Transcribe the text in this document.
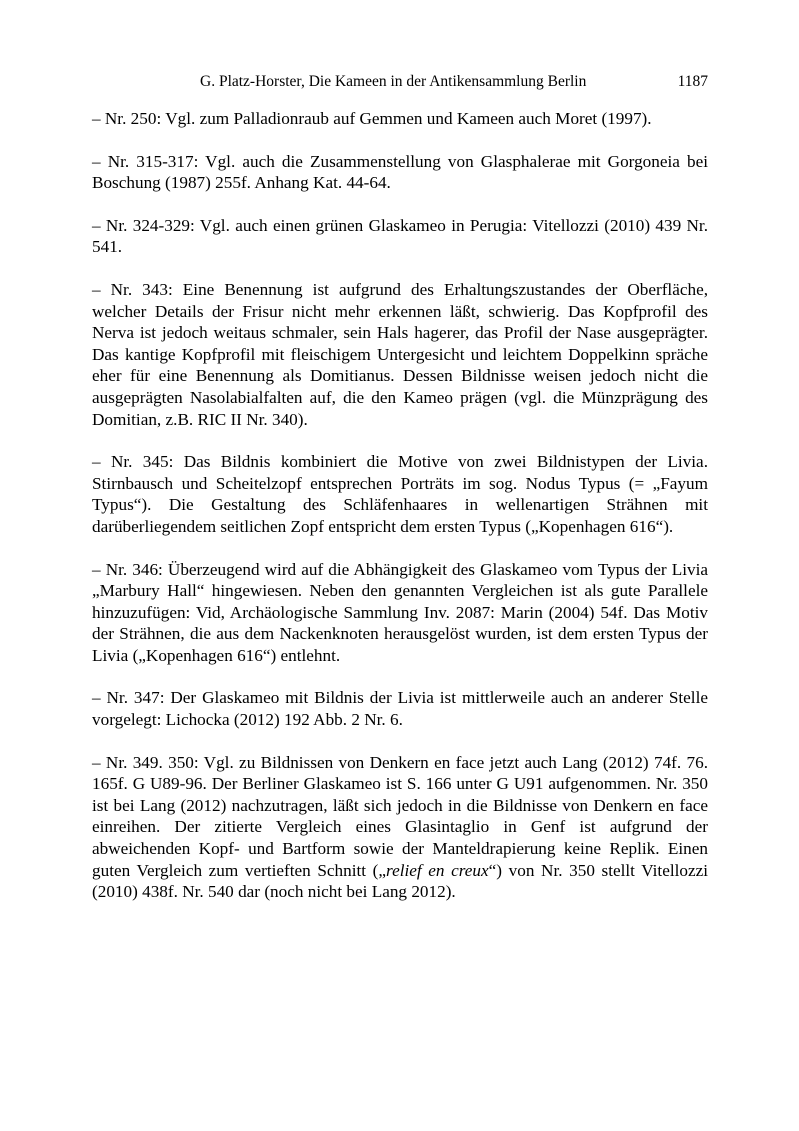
G. Platz-Horster, Die Kameen in der Antikensammlung Berlin	1187

– Nr. 250: Vgl. zum Palladionraub auf Gemmen und Kameen auch Moret (1997).

– Nr. 315-317: Vgl. auch die Zusammenstellung von Glasphalerae mit Gorgoneia bei Boschung (1987) 255f. Anhang Kat. 44-64.

– Nr. 324-329: Vgl. auch einen grünen Glaskameo in Perugia: Vitellozzi (2010) 439 Nr. 541.

– Nr. 343: Eine Benennung ist aufgrund des Erhaltungszustandes der Oberfläche, welcher Details der Frisur nicht mehr erkennen läßt, schwierig. Das Kopfprofil des Nerva ist jedoch weitaus schmaler, sein Hals hagerer, das Profil der Nase ausgeprägter. Das kantige Kopfprofil mit fleischigem Untergesicht und leichtem Doppelkinn spräche eher für eine Benennung als Domitianus. Dessen Bildnisse weisen jedoch nicht die ausgeprägten Nasolabialfalten auf, die den Kameo prägen (vgl. die Münzprägung des Domitian, z.B. RIC II Nr. 340).

– Nr. 345: Das Bildnis kombiniert die Motive von zwei Bildnistypen der Livia. Stirnbausch und Scheitelzopf entsprechen Porträts im sog. Nodus Typus (= „Fayum Typus“). Die Gestaltung des Schläfenhaares in wellenartigen Strähnen mit darüberliegendem seitlichen Zopf entspricht dem ersten Typus („Kopenhagen 616“).

– Nr. 346: Überzeugend wird auf die Abhängigkeit des Glaskameo vom Typus der Livia „Marbury Hall“ hingewiesen. Neben den genannten Vergleichen ist als gute Parallele hinzuzufügen: Vid, Archäologische Sammlung Inv. 2087: Marin (2004) 54f. Das Motiv der Strähnen, die aus dem Nackenknoten herausgelöst wurden, ist dem ersten Typus der Livia („Kopenhagen 616“) entlehnt.

– Nr. 347: Der Glaskameo mit Bildnis der Livia ist mittlerweile auch an anderer Stelle vorgelegt: Lichocka (2012) 192 Abb. 2 Nr. 6.

– Nr. 349. 350: Vgl. zu Bildnissen von Denkern en face jetzt auch Lang (2012) 74f. 76. 165f. G U89-96. Der Berliner Glaskameo ist S. 166 unter G U91 aufgenommen. Nr. 350 ist bei Lang (2012) nachzutragen, läßt sich jedoch in die Bildnisse von Denkern en face einreihen. Der zitierte Vergleich eines Glasintaglio in Genf ist aufgrund der abweichenden Kopf- und Bartform sowie der Manteldrapierung keine Replik. Einen guten Vergleich zum vertieften Schnitt („relief en creux“) von Nr. 350 stellt Vitellozzi (2010) 438f. Nr. 540 dar (noch nicht bei Lang 2012).
